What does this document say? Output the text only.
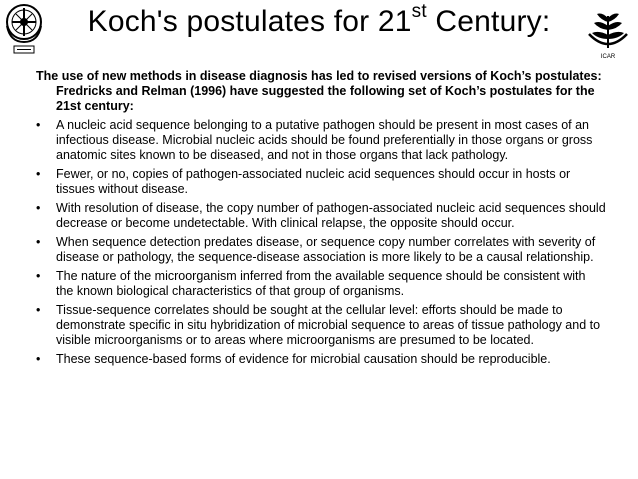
ICAR
Koch's postulates for 21st Century:

The use of new methods in disease diagnosis has led to revised versions of Koch’s postulates: Fredricks and Relman (1996) have suggested the following set of Koch’s postulates for the 21st century:

•	A nucleic acid sequence belonging to a putative pathogen should be present in most cases of an infectious disease. Microbial nucleic acids should be found preferentially in those organs or gross anatomic sites known to be diseased, and not in those organs that lack pathology.
•	Fewer, or no, copies of pathogen-associated nucleic acid sequences should occur in hosts or tissues without disease.
•	With resolution of disease, the copy number of pathogen-associated nucleic acid sequences should decrease or become undetectable. With clinical relapse, the opposite should occur.
•	When sequence detection predates disease, or sequence copy number correlates with severity of disease or pathology, the sequence-disease association is more likely to be a causal relationship.
•	The nature of the microorganism inferred from the available sequence should be consistent with the known biological characteristics of that group of organisms.
•	Tissue-sequence correlates should be sought at the cellular level: efforts should be made to demonstrate specific in situ hybridization of microbial sequence to areas of tissue pathology and to visible microorganisms or to areas where microorganisms are presumed to be located.
•	These sequence-based forms of evidence for microbial causation should be reproducible.
